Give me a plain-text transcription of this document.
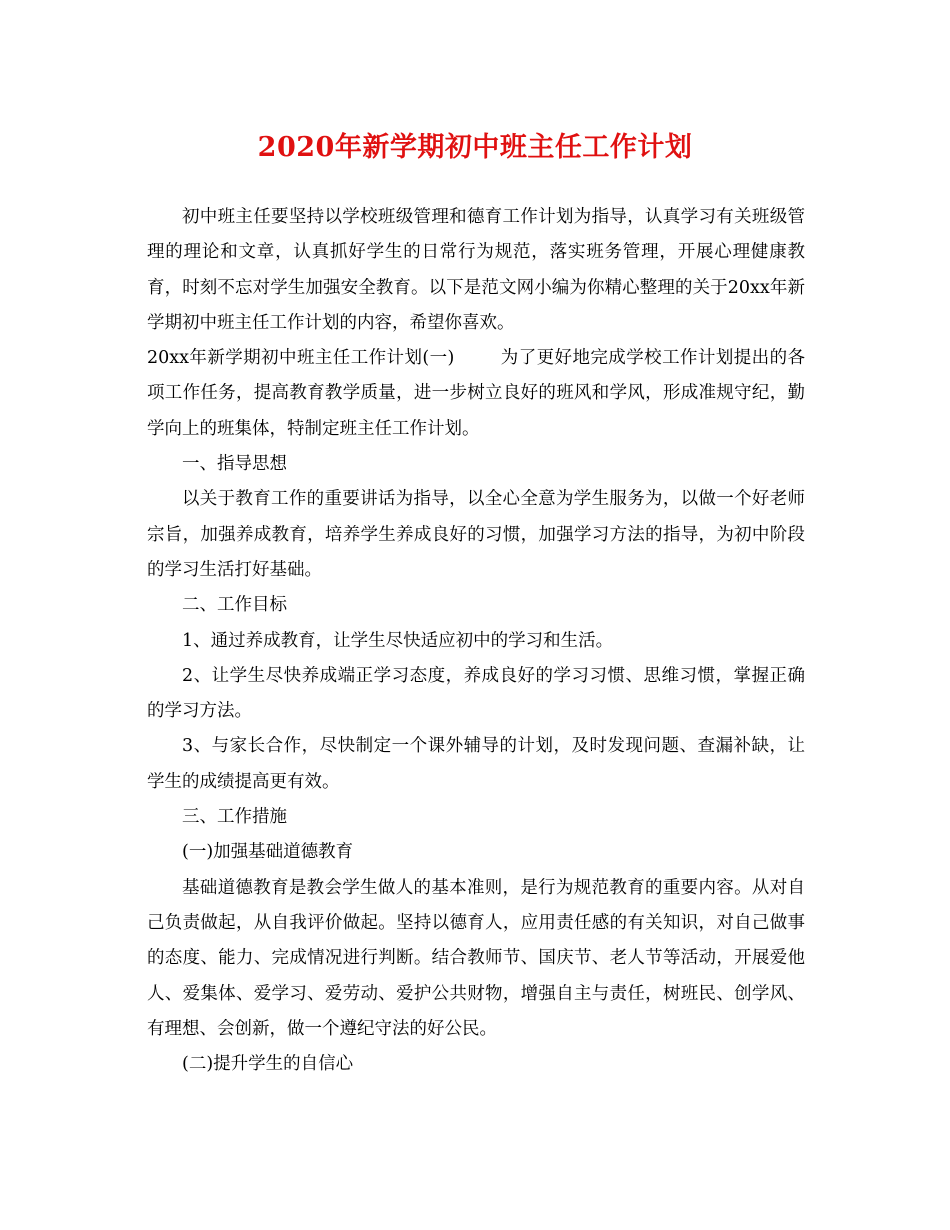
2020年新学期初中班主任工作计划

初中班主任要坚持以学校班级管理和德育工作计划为指导，认真学习有关班级管理的理论和文章，认真抓好学生的日常行为规范，落实班务管理，开展心理健康教育，时刻不忘对学生加强安全教育。以下是范文网小编为你精心整理的关于20xx年新学期初中班主任工作计划的内容，希望你喜欢。

20xx年新学期初中班主任工作计划(一)	为了更好地完成学校工作计划提出的各项工作任务，提高教育教学质量，进一步树立良好的班风和学风，形成准规守纪，勤学向上的班集体，特制定班主任工作计划。

一、指导思想

以关于教育工作的重要讲话为指导，以全心全意为学生服务为，以做一个好老师宗旨，加强养成教育，培养学生养成良好的习惯，加强学习方法的指导，为初中阶段的学习生活打好基础。

二、工作目标

1、通过养成教育，让学生尽快适应初中的学习和生活。

2、让学生尽快养成端正学习态度，养成良好的学习习惯、思维习惯，掌握正确的学习方法。

3、与家长合作，尽快制定一个课外辅导的计划，及时发现问题、查漏补缺，让学生的成绩提高更有效。

三、工作措施

(一)加强基础道德教育

基础道德教育是教会学生做人的基本准则，是行为规范教育的重要内容。从对自己负责做起，从自我评价做起。坚持以德育人，应用责任感的有关知识，对自己做事的态度、能力、完成情况进行判断。结合教师节、国庆节、老人节等活动，开展爱他人、爱集体、爱学习、爱劳动、爱护公共财物，增强自主与责任，树班民、创学风、有理想、会创新，做一个遵纪守法的好公民。

(二)提升学生的自信心
